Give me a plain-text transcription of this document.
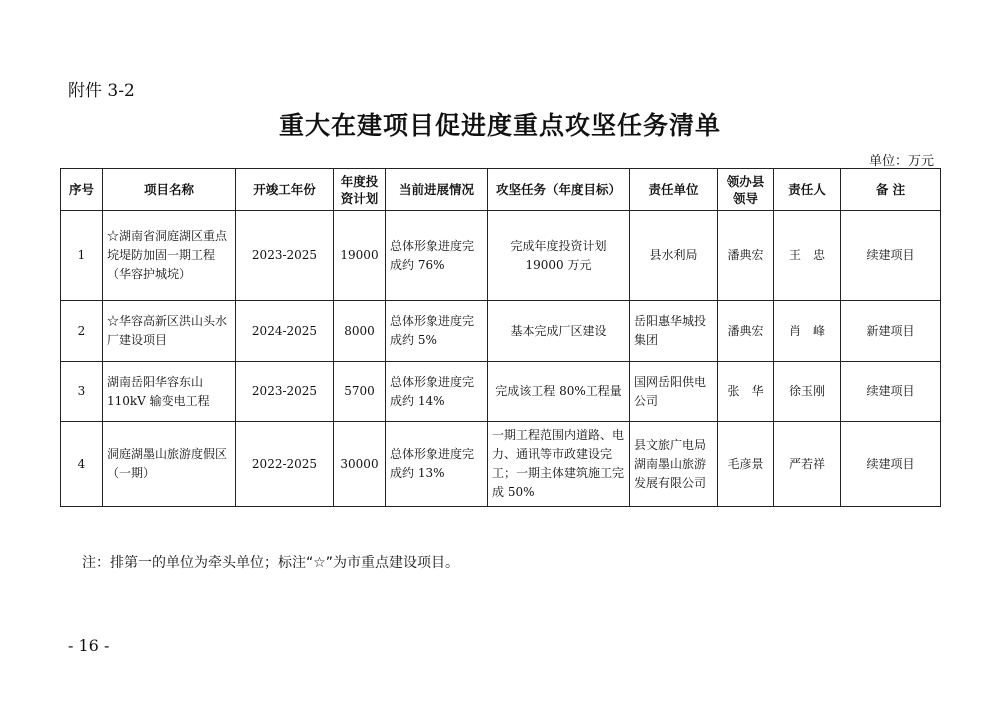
附件 3-2
重大在建项目促进度重点攻坚任务清单
单位：万元
序号	项目名称	开竣工年份	年度投资计划	当前进展情况	攻坚任务（年度目标）	责任单位	领办县领导	责任人	备 注
1	☆湖南省洞庭湖区重点垸堤防加固一期工程（华容护城垸）	2023-2025	19000	总体形象进度完成约 76%	完成年度投资计划 19000 万元	县水利局	潘典宏	王　忠	续建项目
2	☆华容高新区洪山头水厂建设项目	2024-2025	8000	总体形象进度完成约 5%	基本完成厂区建设	岳阳惠华城投集团	潘典宏	肖　峰	新建项目
3	湖南岳阳华容东山 110kV 输变电工程	2023-2025	5700	总体形象进度完成约 14%	完成该工程 80%工程量	国网岳阳供电公司	张　华	徐玉刚	续建项目
4	洞庭湖墨山旅游度假区（一期）	2022-2025	30000	总体形象进度完成约 13%	一期工程范围内道路、电力、通讯等市政建设完工；一期主体建筑施工完成 50%	县文旅广电局湖南墨山旅游发展有限公司	毛彦景	严若祥	续建项目
注：排第一的单位为牵头单位；标注“☆”为市重点建设项目。
- 16 -
